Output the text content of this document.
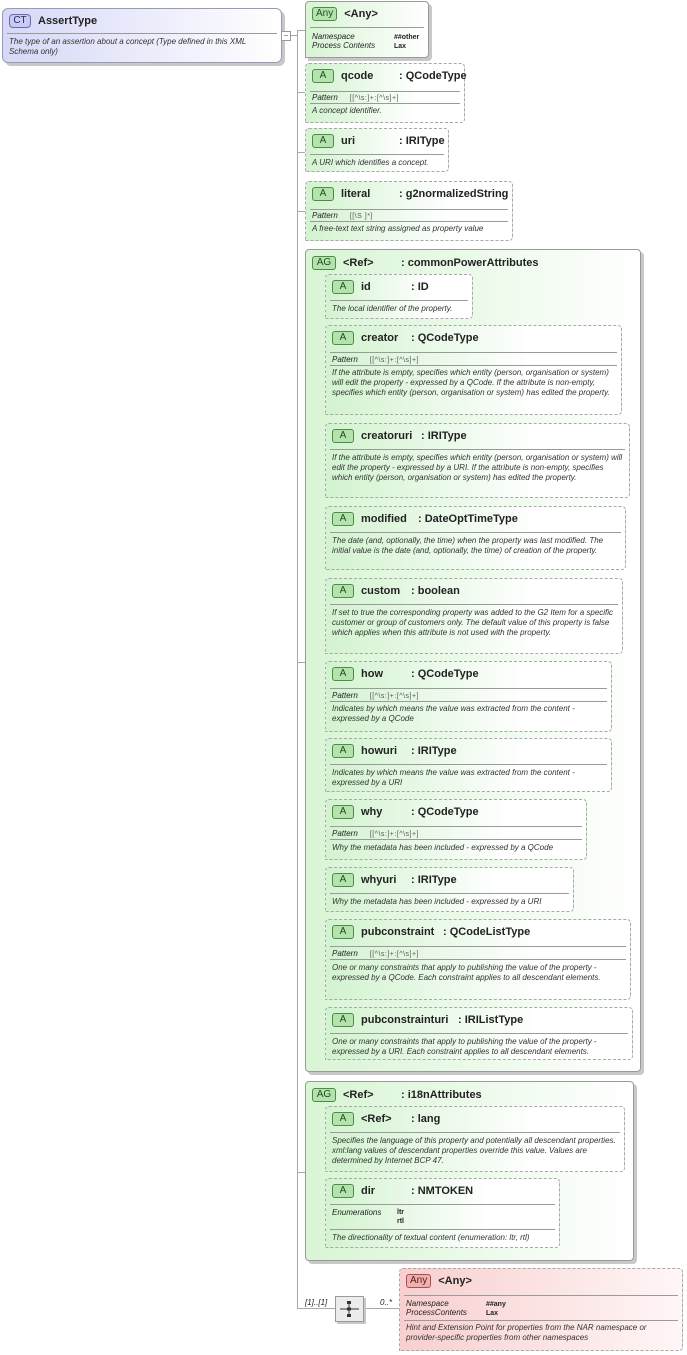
CT	AssertType
The type of an assertion about a concept (Type defined in this XML Schema only)
−
Any	<Any>
Namespace	##other
Process Contents	Lax
A	qcode	: QCodeType
Pattern [[^\s:]+:[^\s]+]
A concept identifier.
A	uri	: IRIType
A URI which identifies a concept.
A	literal	: g2normalizedString
Pattern [[\S ]*]
A free-text text string assigned as property value
AG	<Ref>	: commonPowerAttributes
A	id	: ID
The local identifier of the property.
A	creator	: QCodeType
Pattern [[^\s:]+:[^\s]+]
If the attribute is empty, specifies which entity (person, organisation or system) will edit the property - expressed by a QCode. If the attribute is non-empty, specifies which entity (person, organisation or system) has edited the property.
A	creatoruri : IRIType
If the attribute is empty, specifies which entity (person, organisation or system) will edit the property - expressed by a URI. If the attribute is non-empty, specifies which entity (person, organisation or system) has edited the property.
A	modified	: DateOptTimeType
The date (and, optionally, the time) when the property was last modified. The initial value is the date (and, optionally, the time) of creation of the property.
A	custom : boolean
If set to true the corresponding property was added to the G2 Item for a specific customer or group of customers only. The default value of this property is false which applies when this attribute is not used with the property.
A	how	: QCodeType
Pattern [[^\s:]+:[^\s]+]
Indicates by which means the value was extracted from the content - expressed by a QCode
A	howuri	: IRIType
Indicates by which means the value was extracted from the content - expressed by a URI
A	why	: QCodeType
Pattern [[^\s:]+:[^\s]+]
Why the metadata has been included - expressed by a QCode
A	whyuri	: IRIType
Why the metadata has been included - expressed by a URI
A	pubconstraint : QCodeListType
Pattern [[^\s:]+:[^\s]+]
One or many constraints that apply to publishing the value of the property - expressed by a QCode. Each constraint applies to all descendant elements.
A	pubconstrainturi : IRIListType
One or many constraints that apply to publishing the value of the property - expressed by a URI. Each constraint applies to all descendant elements.
AG	<Ref>	: i18nAttributes
A	<Ref>	: lang
Specifies the language of this property and potentially all descendant properties. xml:lang values of descendant properties override this value. Values are determined by Internet BCP 47.
A	dir	: NMTOKEN
Enumerations ltr
rtl
The directionality of textual content (enumeration: ltr, rtl)
[1]..[1]	0..*
Any	<Any>
Namespace	##any
ProcessContents	Lax
Hint and Extension Point for properties from the NAR namespace or provider-specific properties from other namespaces
